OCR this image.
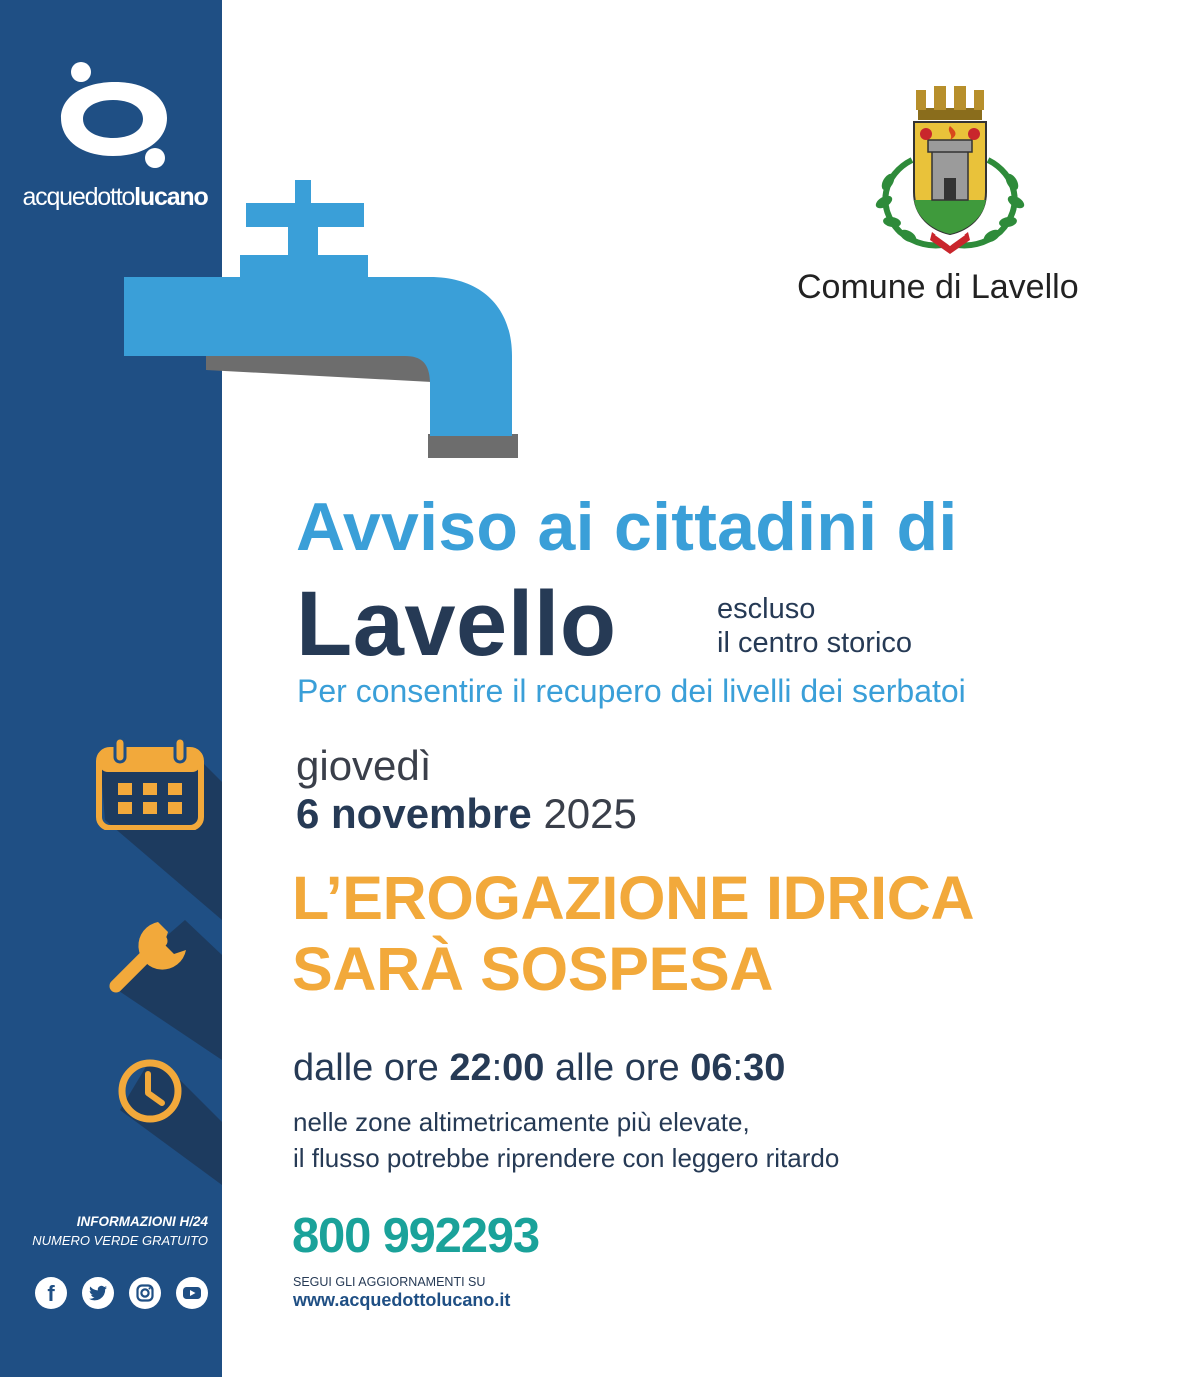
acquedottolucano
INFORMAZIONI H/24
NUMERO VERDE GRATUITO
f
Comune di Lavello
Avviso ai cittadini di
Lavello	escluso
il centro storico
Per consentire il recupero dei livelli dei serbatoi
giovedì
6 novembre 2025
L’EROGAZIONE IDRICA
SARÀ SOSPESA
dalle ore 22:00 alle ore 06:30
nelle zone altimetricamente più elevate,
il flusso potrebbe riprendere con leggero ritardo
800 992293
SEGUI GLI AGGIORNAMENTI SU
www.acquedottolucano.it
